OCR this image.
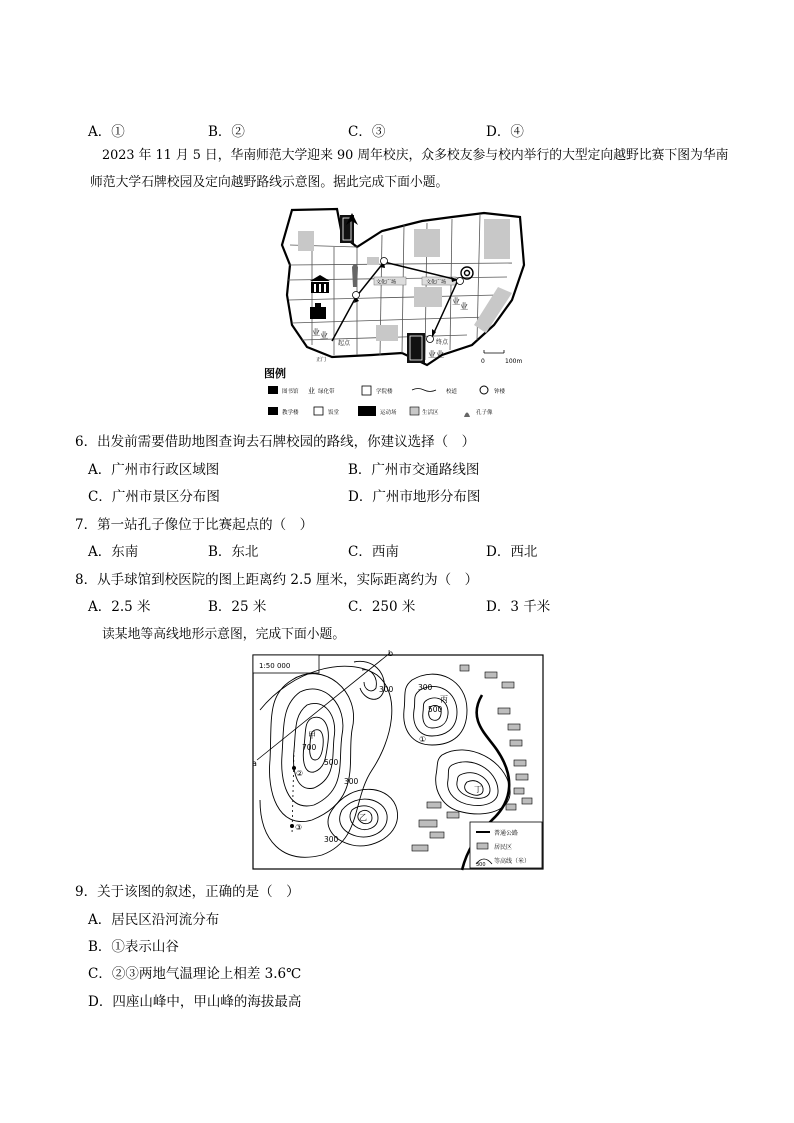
A．①	B．②	C．③	D．④
2023 年 11 月 5 日，华南师范大学迎来 90 周年校庆，众多校友参与校内举行的大型定向越野比赛下图为华南师范大学石牌校园及定向越野路线示意图。据此完成下面小题。
文化广场	文化广场
业
业
业 业
业 业
起点	终点
正门	0	100m
图例
图书馆 业 绿化带	学院楼	校道	钟楼
教学楼	饭堂	运动场	生活区	孔子像
6．出发前需要借助地图查询去石牌校园的路线，你建议选择（　）
A．广州市行政区域图	B．广州市交通路线图
C．广州市景区分布图	D．广州市地形分布图
7．第一站孔子像位于比赛起点的（　）
A．东南	B．东北	C．西南	D．西北
8．从手球馆到校医院的图上距离约 2.5 厘米，实际距离约为（　）
A．2.5 米	B．25 米	C．250 米	D．3 千米
读某地等高线地形示意图，完成下面小题。
1:50 000
a
b
②
③
①
700
500
300
300
300
500
300
甲
乙
丙
丁
普通公路
居民区
300 等高线（米）
9．关于该图的叙述，正确的是（　）
A．居民区沿河流分布
B．①表示山谷
C．②③两地气温理论上相差 3.6℃
D．四座山峰中，甲山峰的海拔最高
